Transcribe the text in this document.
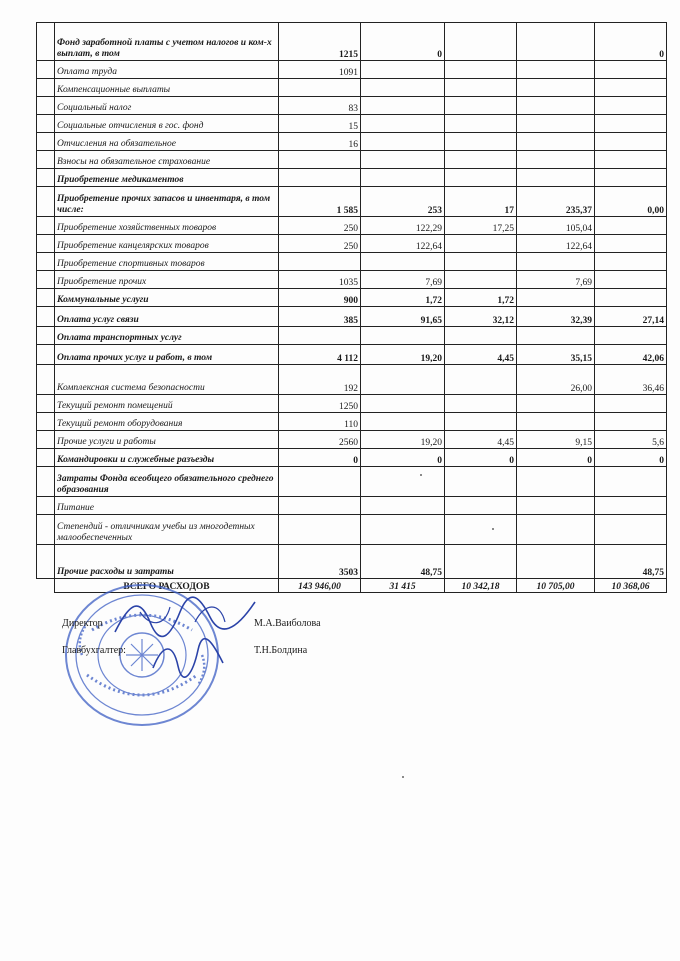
	Фонд заработной платы с учетом налогов и ком-х выплат, в том	1215	0			0
	Оплата труда	1091				
	Компенсационные выплаты					
	Социальный налог	83				
	Социальные отчисления в гос. фонд	15				
	Отчисления на обязательное	16				
	Взносы на обязательное страхование					
	Приобретение медикаментов					
	Приобретение прочих запасов и инвентаря, в том числе:	1 585	253	17	235,37	0,00
	Приобретение хозяйственных товаров	250	122,29	17,25	105,04	
	Приобретение канцелярских товаров	250	122,64		122,64	
	Приобретение спортивных товаров					
	Приобретение прочих	1035	7,69		7,69	
	Коммунальные услуги	900	1,72	1,72		
	Оплата услуг связи	385	91,65	32,12	32,39	27,14
	Оплата транспортных услуг					
	Оплата прочих услуг и работ, в том	4 112	19,20	4,45	35,15	42,06
	Комплексная система безопасности	192			26,00	36,46
	Текущий ремонт помещений	1250				
	Текущий ремонт оборудования	110				
	Прочие услуги и работы	2560	19,20	4,45	9,15	5,6
	Командировки и служебные разъезды	0	0	0	0	0
	Затраты Фонда всеобщего обязательного среднего образования					
	Питание					
	Степендий - отличникам учебы из многодетных малообеспеченных					
	Прочие расходы и затраты	3503	48,75			48,75
	ВСЕГО РАСХОДОВ	143 946,00	31 415	10 342,18	10 705,00	10 368,06
Директор	М.А.Ваиболова
Главбухгалтер:	Т.Н.Болдина
